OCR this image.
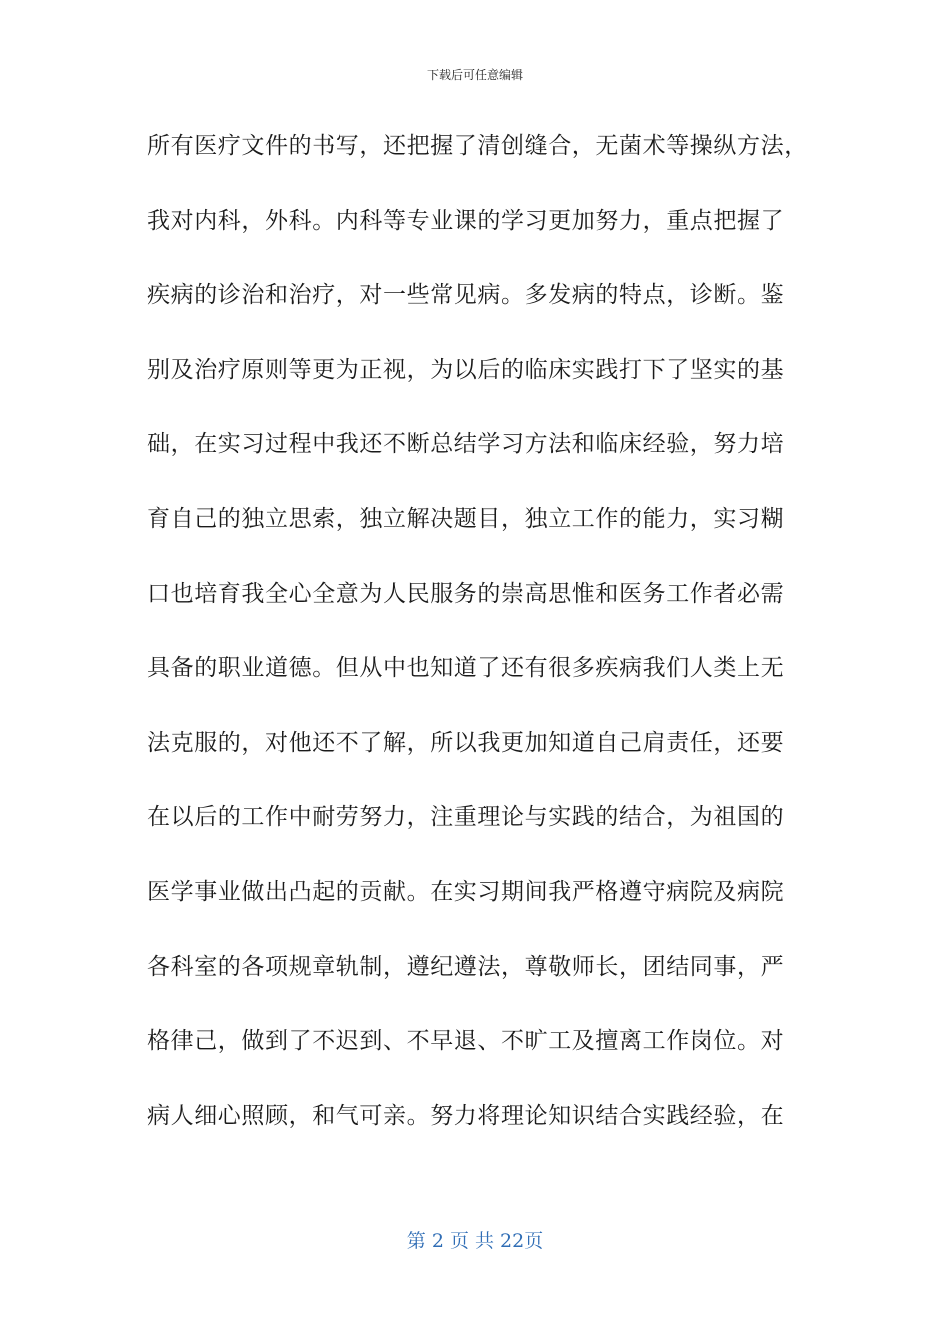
下载后可任意编辑
所有医疗文件的书写，还把握了清创缝合，无菌术等操纵方法，
我对内科，外科。内科等专业课的学习更加努力，重点把握了
疾病的诊治和治疗，对一些常见病。多发病的特点，诊断。鉴
别及治疗原则等更为正视，为以后的临床实践打下了坚实的基
础，在实习过程中我还不断总结学习方法和临床经验，努力培
育自己的独立思索，独立解决题目，独立工作的能力，实习糊
口也培育我全心全意为人民服务的崇高思惟和医务工作者必需
具备的职业道德。但从中也知道了还有很多疾病我们人类上无
法克服的，对他还不了解，所以我更加知道自己肩责任，还要
在以后的工作中耐劳努力，注重理论与实践的结合，为祖国的
医学事业做出凸起的贡献。在实习期间我严格遵守病院及病院
各科室的各项规章轨制，遵纪遵法，尊敬师长，团结同事，严
格律己，做到了不迟到、不早退、不旷工及擅离工作岗位。对
病人细心照顾，和气可亲。努力将理论知识结合实践经验，在
第 2 页 共 22页
